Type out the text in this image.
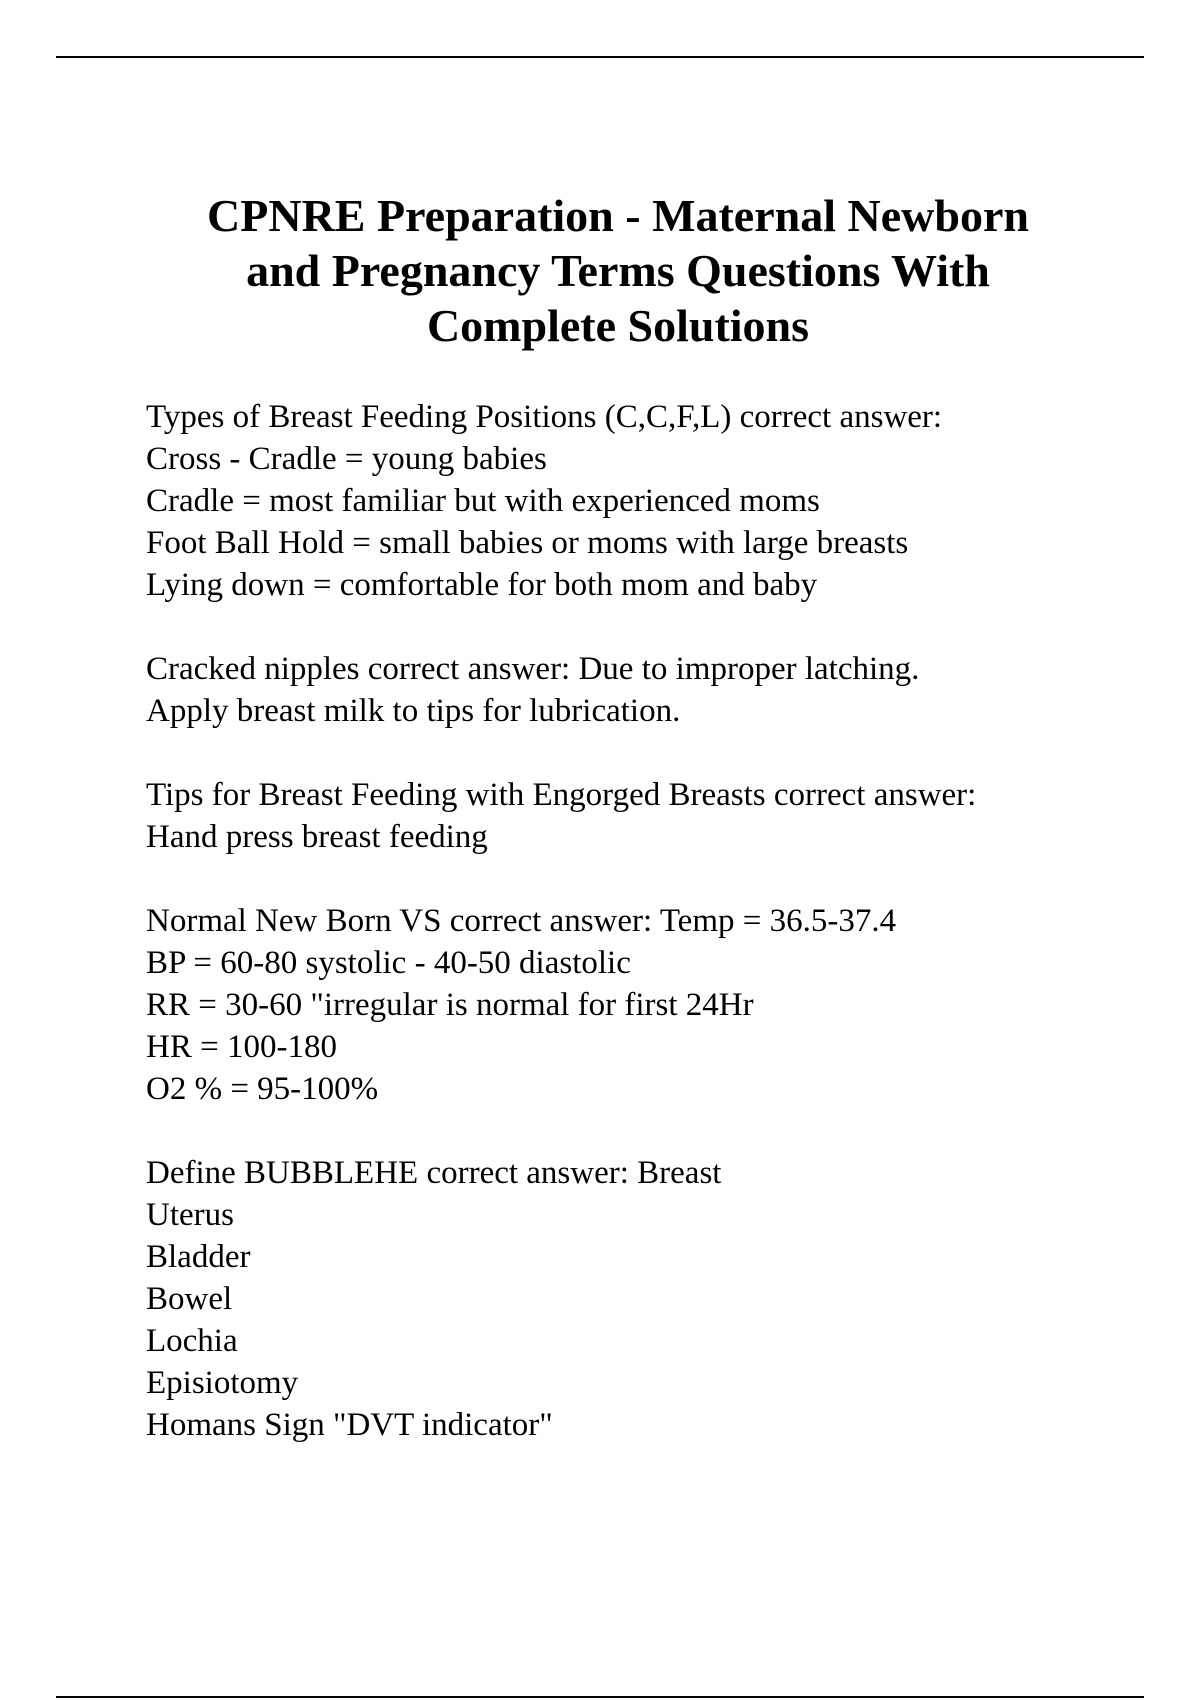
CPNRE Preparation - Maternal Newborn
and Pregnancy Terms Questions With
Complete Solutions
Types of Breast Feeding Positions (C,C,F,L) correct answer:
Cross - Cradle = young babies
Cradle = most familiar but with experienced moms
Foot Ball Hold = small babies or moms with large breasts
Lying down = comfortable for both mom and baby
Cracked nipples correct answer: Due to improper latching.
Apply breast milk to tips for lubrication.
Tips for Breast Feeding with Engorged Breasts correct answer:
Hand press breast feeding
Normal New Born VS correct answer: Temp = 36.5-37.4
BP = 60-80 systolic - 40-50 diastolic
RR = 30-60 "irregular is normal for first 24Hr
HR = 100-180
O2 % = 95-100%
Define BUBBLEHE correct answer: Breast
Uterus
Bladder
Bowel
Lochia
Episiotomy
Homans Sign "DVT indicator"
